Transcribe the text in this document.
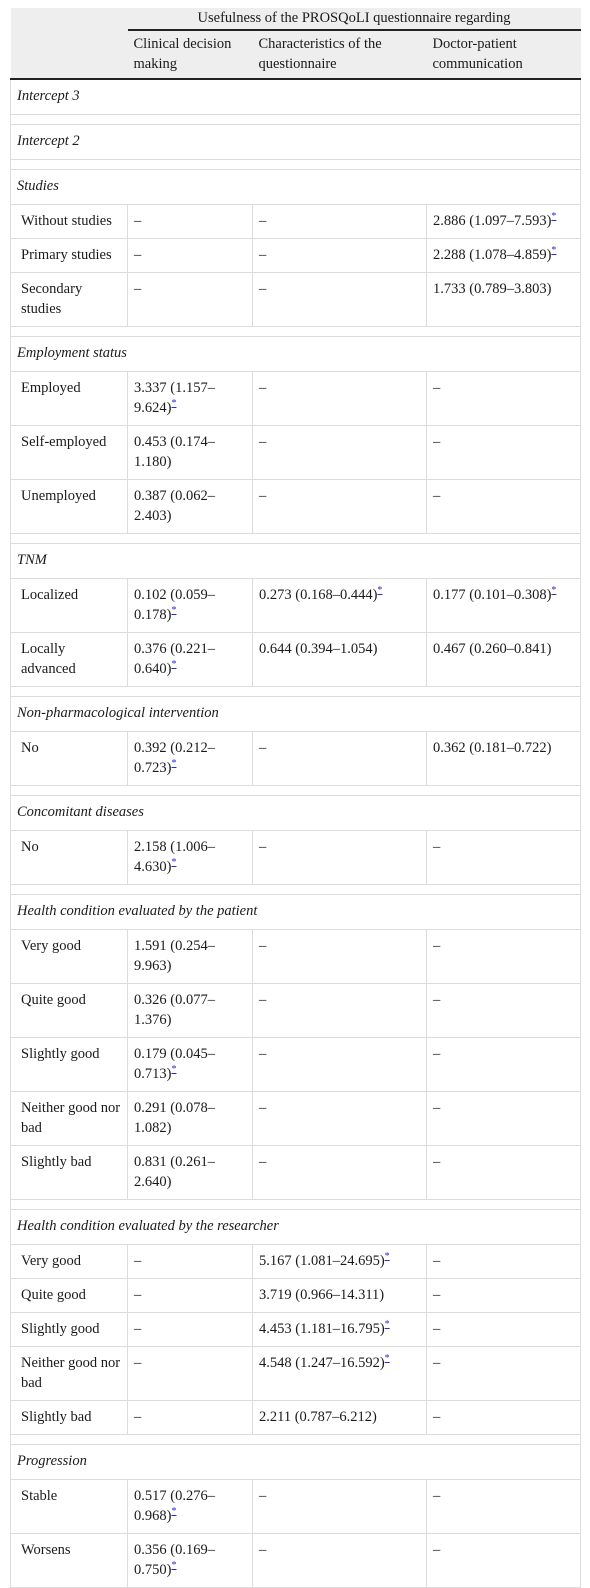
	Usefulness of the PROSQoLI questionnaire regarding		
	Clinical decision making	Characteristics of the questionnaire	Doctor-patient communication
Intercept 3			

Intercept 2			

Studies			
Without studies	–	–	2.886 (1.097–7.593)*
Primary studies	–	–	2.288 (1.078–4.859)*
Secondary studies	–	–	1.733 (0.789–3.803)

Employment status			
Employed	3.337 (1.157–9.624)*	–	–
Self-employed	0.453 (0.174–1.180)	–	–
Unemployed	0.387 (0.062–2.403)	–	–

TNM			
Localized	0.102 (0.059–0.178)*	0.273 (0.168–0.444)*	0.177 (0.101–0.308)*
Locally advanced	0.376 (0.221–0.640)*	0.644 (0.394–1.054)	0.467 (0.260–0.841)

Non-pharmacological intervention			
No	0.392 (0.212–0.723)*	–	0.362 (0.181–0.722)

Concomitant diseases			
No	2.158 (1.006–4.630)*	–	–

Health condition evaluated by the patient			
Very good	1.591 (0.254–9.963)	–	–
Quite good	0.326 (0.077–1.376)	–	–
Slightly good	0.179 (0.045–0.713)*	–	–
Neither good nor bad	0.291 (0.078–1.082)	–	–
Slightly bad	0.831 (0.261–2.640)	–	–

Health condition evaluated by the researcher			
Very good	–	5.167 (1.081–24.695)*	–
Quite good	–	3.719 (0.966–14.311)	–
Slightly good	–	4.453 (1.181–16.795)*	–
Neither good nor bad	–	4.548 (1.247–16.592)*	–
Slightly bad	–	2.211 (0.787–6.212)	–

Progression			
Stable	0.517 (0.276–0.968)*	–	–
Worsens	0.356 (0.169–0.750)*	–	–
